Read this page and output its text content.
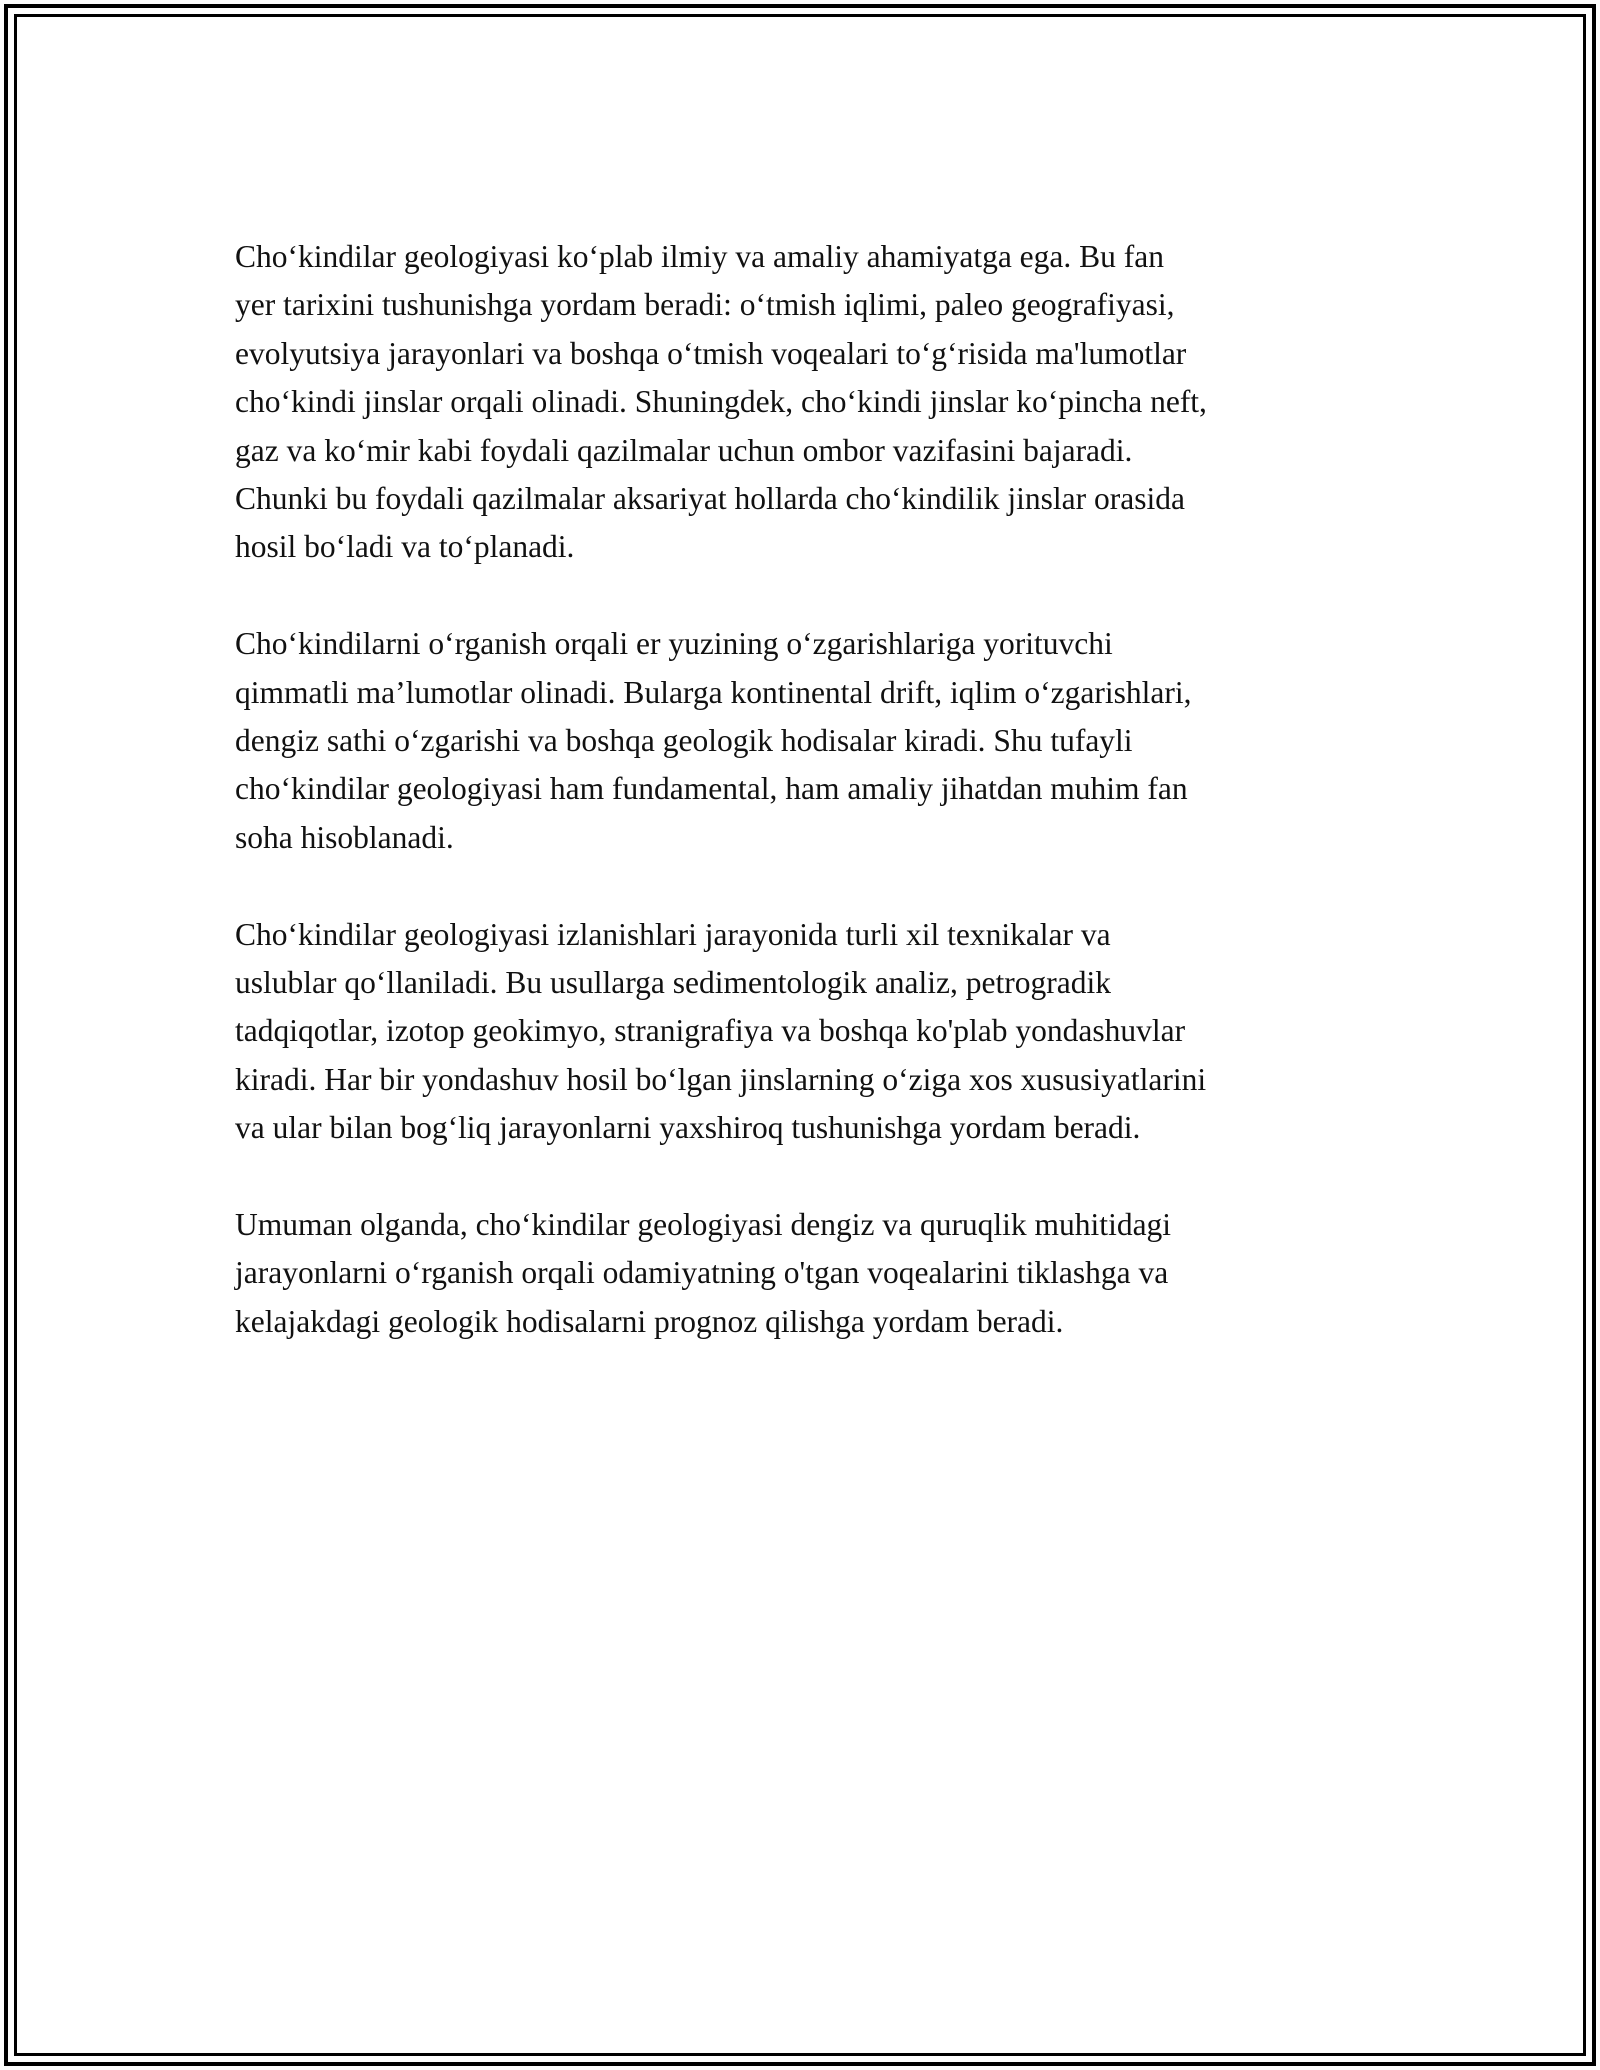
Cho‘kindilar geologiyasi ko‘plab ilmiy va amaliy ahamiyatga ega. Bu fan
yer tarixini tushunishga yordam beradi: o‘tmish iqlimi, paleo geografiyasi,
evolyutsiya jarayonlari va boshqa o‘tmish voqealari to‘g‘risida ma'lumotlar
cho‘kindi jinslar orqali olinadi. Shuningdek, cho‘kindi jinslar ko‘pincha neft,
gaz va ko‘mir kabi foydali qazilmalar uchun ombor vazifasini bajaradi.
Chunki bu foydali qazilmalar aksariyat hollarda cho‘kindilik jinslar orasida
hosil bo‘ladi va to‘planadi.

Cho‘kindilarni o‘rganish orqali er yuzining o‘zgarishlariga yorituvchi
qimmatli ma’lumotlar olinadi. Bularga kontinental drift, iqlim o‘zgarishlari,
dengiz sathi o‘zgarishi va boshqa geologik hodisalar kiradi. Shu tufayli
cho‘kindilar geologiyasi ham fundamental, ham amaliy jihatdan muhim fan
soha hisoblanadi.

Cho‘kindilar geologiyasi izlanishlari jarayonida turli xil texnikalar va
uslublar qo‘llaniladi. Bu usullarga sedimentologik analiz, petrogradik
tadqiqotlar, izotop geokimyo, stranigrafiya va boshqa ko'plab yondashuvlar
kiradi. Har bir yondashuv hosil bo‘lgan jinslarning o‘ziga xos xususiyatlarini
va ular bilan bog‘liq jarayonlarni yaxshiroq tushunishga yordam beradi.

Umuman olganda, cho‘kindilar geologiyasi dengiz va quruqlik muhitidagi
jarayonlarni o‘rganish orqali odamiyatning o'tgan voqealarini tiklashga va
kelajakdagi geologik hodisalarni prognoz qilishga yordam beradi.
